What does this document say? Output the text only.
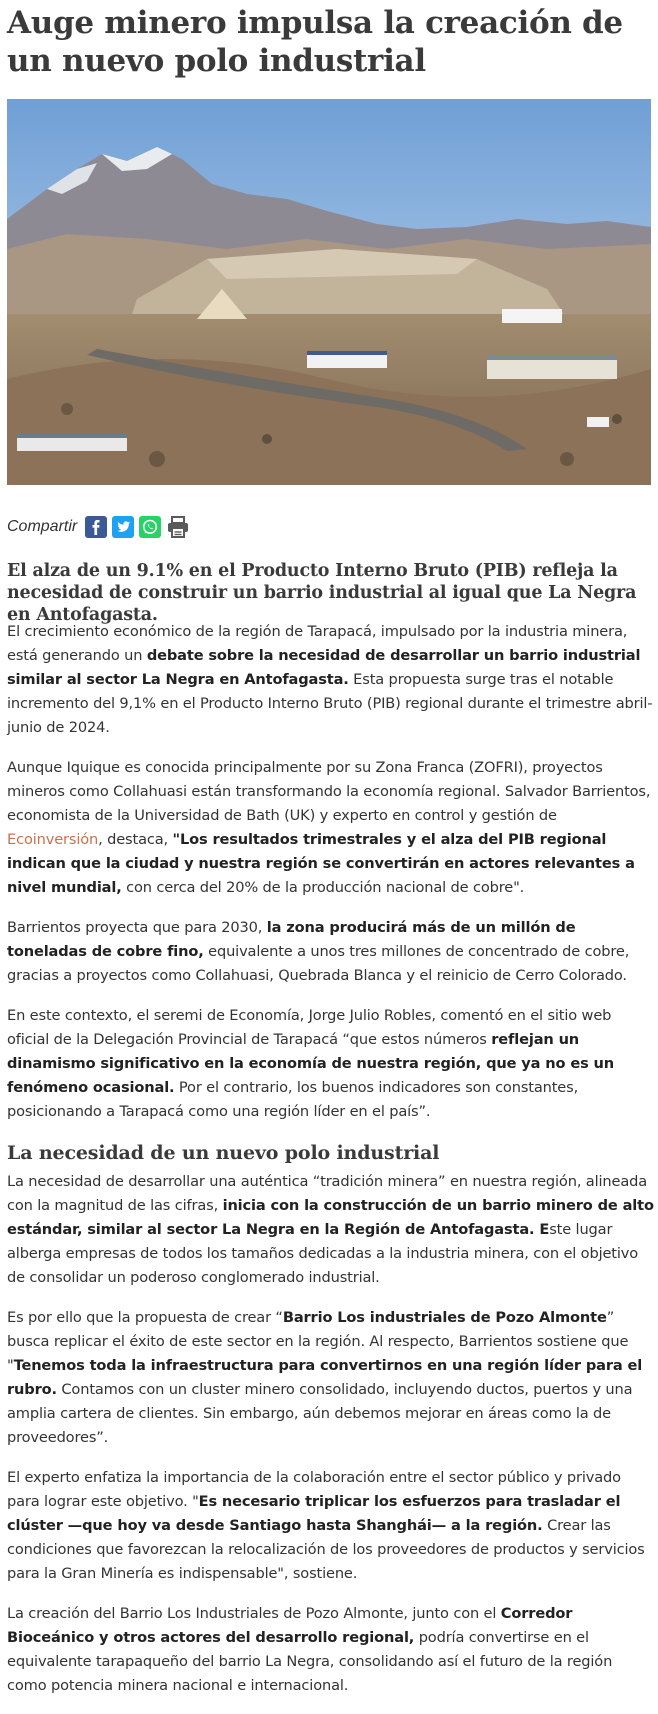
Auge minero impulsa la creación de un nuevo polo industrial
Compartir
El alza de un 9.1% en el Producto Interno Bruto (PIB) refleja la necesidad de construir un barrio industrial al igual que La Negra en Antofagasta.

El crecimiento económico de la región de Tarapacá, impulsado por la industria minera, está generando un debate sobre la necesidad de desarrollar un barrio industrial similar al sector La Negra en Antofagasta. Esta propuesta surge tras el notable incremento del 9,1% en el Producto Interno Bruto (PIB) regional durante el trimestre abril-junio de 2024.

Aunque Iquique es conocida principalmente por su Zona Franca (ZOFRI), proyectos mineros como Collahuasi están transformando la economía regional. Salvador Barrientos, economista de la Universidad de Bath (UK) y experto en control y gestión de Ecoinversión, destaca, "Los resultados trimestrales y el alza del PIB regional indican que la ciudad y nuestra región se convertirán en actores relevantes a nivel mundial, con cerca del 20% de la producción nacional de cobre".

Barrientos proyecta que para 2030, la zona producirá más de un millón de toneladas de cobre fino, equivalente a unos tres millones de concentrado de cobre, gracias a proyectos como Collahuasi, Quebrada Blanca y el reinicio de Cerro Colorado.

En este contexto, el seremi de Economía, Jorge Julio Robles, comentó en el sitio web oficial de la Delegación Provincial de Tarapacá “que estos números reflejan un dinamismo significativo en la economía de nuestra región, que ya no es un fenómeno ocasional. Por el contrario, los buenos indicadores son constantes, posicionando a Tarapacá como una región líder en el país”.

La necesidad de un nuevo polo industrial

La necesidad de desarrollar una auténtica “tradición minera” en nuestra región, alineada con la magnitud de las cifras, inicia con la construcción de un barrio minero de alto estándar, similar al sector La Negra en la Región de Antofagasta. Este lugar alberga empresas de todos los tamaños dedicadas a la industria minera, con el objetivo de consolidar un poderoso conglomerado industrial.

Es por ello que la propuesta de crear “Barrio Los industriales de Pozo Almonte” busca replicar el éxito de este sector en la región. Al respecto, Barrientos sostiene que "Tenemos toda la infraestructura para convertirnos en una región líder para el rubro. Contamos con un cluster minero consolidado, incluyendo ductos, puertos y una amplia cartera de clientes. Sin embargo, aún debemos mejorar en áreas como la de proveedores”.

El experto enfatiza la importancia de la colaboración entre el sector público y privado para lograr este objetivo. "Es necesario triplicar los esfuerzos para trasladar el clúster —que hoy va desde Santiago hasta Shanghái— a la región. Crear las condiciones que favorezcan la relocalización de los proveedores de productos y servicios para la Gran Minería es indispensable", sostiene.

La creación del Barrio Los Industriales de Pozo Almonte, junto con el Corredor Bioceánico y otros actores del desarrollo regional, podría convertirse en el equivalente tarapaqueño del barrio La Negra, consolidando así el futuro de la región como potencia minera nacional e internacional.
